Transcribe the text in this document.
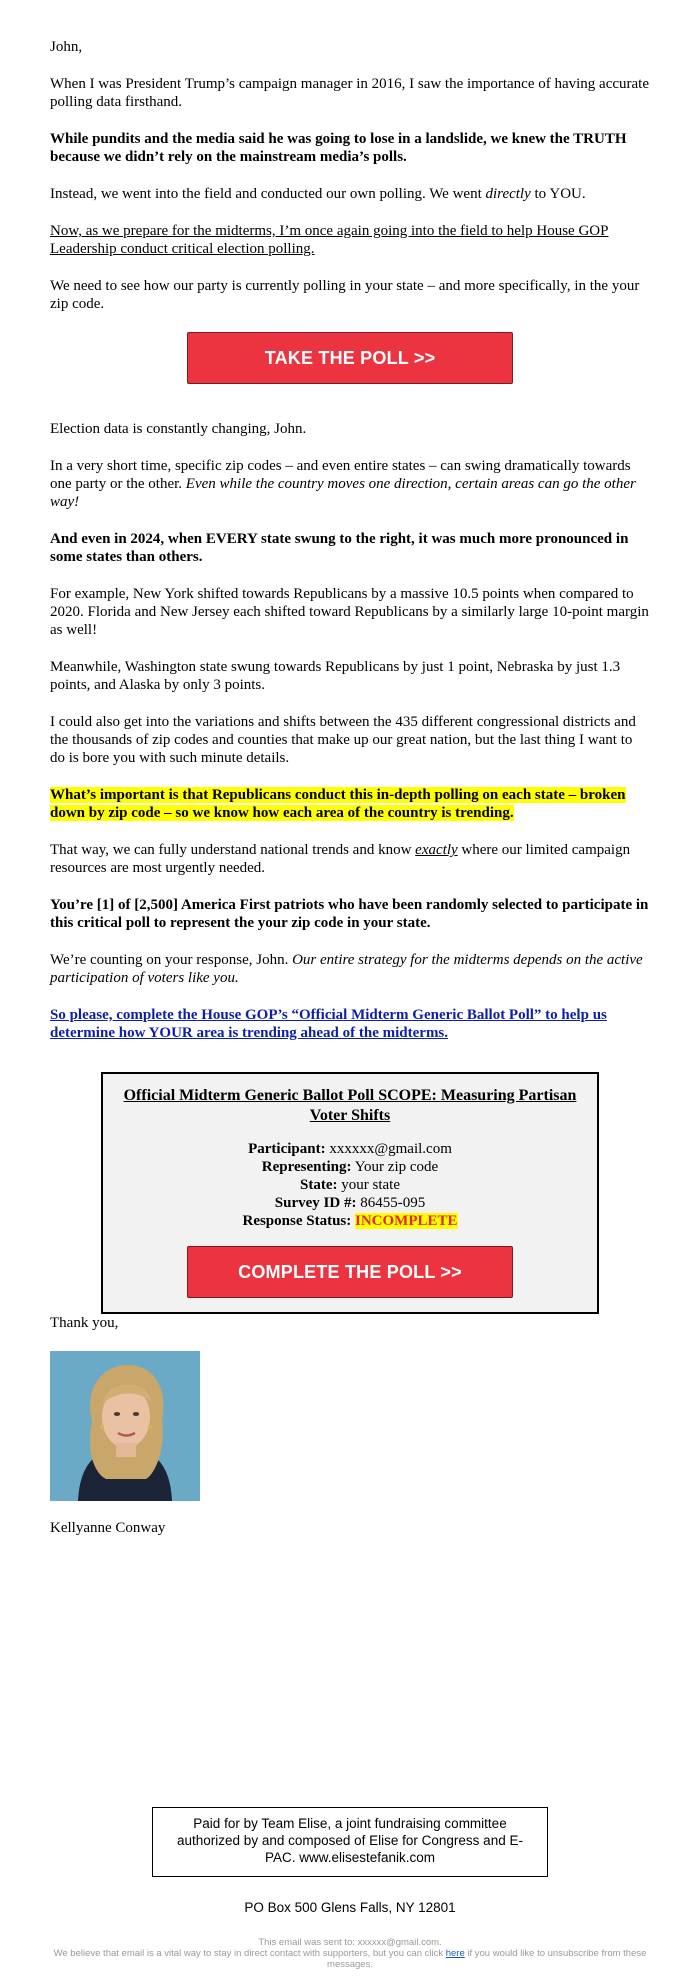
John,

When I was President Trump’s campaign manager in 2016, I saw the importance of having accurate polling data firsthand.

While pundits and the media said he was going to lose in a landslide, we knew the TRUTH because we didn’t rely on the mainstream media’s polls.

Instead, we went into the field and conducted our own polling. We went directly to YOU.

Now, as we prepare for the midterms, I’m once again going into the field to help House GOP Leadership conduct critical election polling.

We need to see how our party is currently polling in your state – and more specifically, in the your zip code.

TAKE THE POLL >>

Election data is constantly changing, John.

In a very short time, specific zip codes – and even entire states – can swing dramatically towards one party or the other. Even while the country moves one direction, certain areas can go the other way!

And even in 2024, when EVERY state swung to the right, it was much more pronounced in some states than others.

For example, New York shifted towards Republicans by a massive 10.5 points when compared to 2020. Florida and New Jersey each shifted toward Republicans by a similarly large 10-point margin as well!

Meanwhile, Washington state swung towards Republicans by just 1 point, Nebraska by just 1.3 points, and Alaska by only 3 points.

I could also get into the variations and shifts between the 435 different congressional districts and the thousands of zip codes and counties that make up our great nation, but the last thing I want to do is bore you with such minute details.

What’s important is that Republicans conduct this in-depth polling on each state – broken down by zip code – so we know how each area of the country is trending.

That way, we can fully understand national trends and know exactly where our limited campaign resources are most urgently needed.

You’re [1] of [2,500] America First patriots who have been randomly selected to participate in this critical poll to represent the your zip code in your state.

We’re counting on your response, John. Our entire strategy for the midterms depends on the active participation of voters like you.

So please, complete the House GOP’s “Official Midterm Generic Ballot Poll” to help us determine how YOUR area is trending ahead of the midterms.

Official Midterm Generic Ballot Poll SCOPE: Measuring Partisan Voter Shifts
Participant: xxxxxx@gmail.com
Representing: Your zip code
State: your state
Survey ID #: 86455-095
Response Status: INCOMPLETE
COMPLETE THE POLL >>

Thank you,

Kellyanne Conway

Paid for by Team Elise, a joint fundraising committee authorized by and composed of Elise for Congress and E-PAC. www.elisestefanik.com
PO Box 500 Glens Falls, NY 12801
This email was sent to: xxxxxx@gmail.com.
We believe that email is a vital way to stay in direct contact with supporters, but you can click here if you would like to unsubscribe from these messages.
